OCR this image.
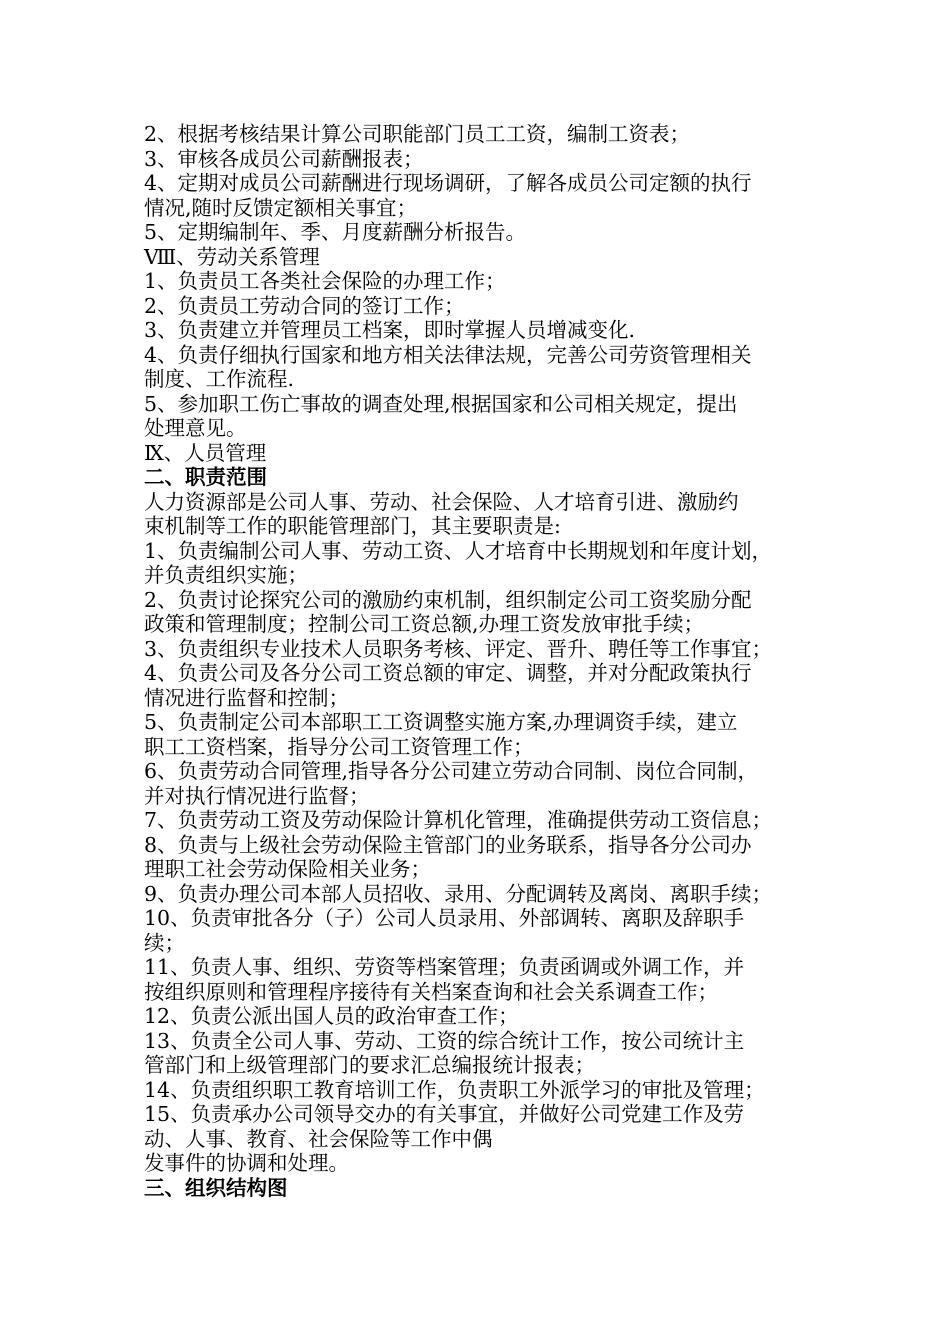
2、根据考核结果计算公司职能部门员工工资，编制工资表；

3、审核各成员公司薪酬报表；

4、定期对成员公司薪酬进行现场调研，了解各成员公司定额的执行

情况,随时反馈定额相关事宜；

5、定期编制年、季、月度薪酬分析报告。

Ⅷ、劳动关系管理

1、负责员工各类社会保险的办理工作；

2、负责员工劳动合同的签订工作；

3、负责建立并管理员工档案，即时掌握人员增减变化.

4、负责仔细执行国家和地方相关法律法规，完善公司劳资管理相关

制度、工作流程.

5、参加职工伤亡事故的调查处理,根据国家和公司相关规定，提出

处理意见。

Ⅸ、人员管理

二、职责范围

人力资源部是公司人事、劳动、社会保险、人才培育引进、激励约

束机制等工作的职能管理部门，其主要职责是:

1、负责编制公司人事、劳动工资、人才培育中长期规划和年度计划，

并负责组织实施；

2、负责讨论探究公司的激励约束机制，组织制定公司工资奖励分配

政策和管理制度；控制公司工资总额,办理工资发放审批手续；

3、负责组织专业技术人员职务考核、评定、晋升、聘任等工作事宜；

4、负责公司及各分公司工资总额的审定、调整，并对分配政策执行

情况进行监督和控制；

5、负责制定公司本部职工工资调整实施方案,办理调资手续，建立

职工工资档案，指导分公司工资管理工作；

6、负责劳动合同管理,指导各分公司建立劳动合同制、岗位合同制，

并对执行情况进行监督；

7、负责劳动工资及劳动保险计算机化管理，准确提供劳动工资信息；

8、负责与上级社会劳动保险主管部门的业务联系，指导各分公司办

理职工社会劳动保险相关业务；

9、负责办理公司本部人员招收、录用、分配调转及离岗、离职手续；

10、负责审批各分（子）公司人员录用、外部调转、离职及辞职手

续；

11、负责人事、组织、劳资等档案管理；负责函调或外调工作，并

按组织原则和管理程序接待有关档案查询和社会关系调查工作；

12、负责公派出国人员的政治审查工作；

13、负责全公司人事、劳动、工资的综合统计工作，按公司统计主

管部门和上级管理部门的要求汇总编报统计报表；

14、负责组织职工教育培训工作，负责职工外派学习的审批及管理；

15、负责承办公司领导交办的有关事宜，并做好公司党建工作及劳

动、人事、教育、社会保险等工作中偶

发事件的协调和处理。

三、组织结构图
